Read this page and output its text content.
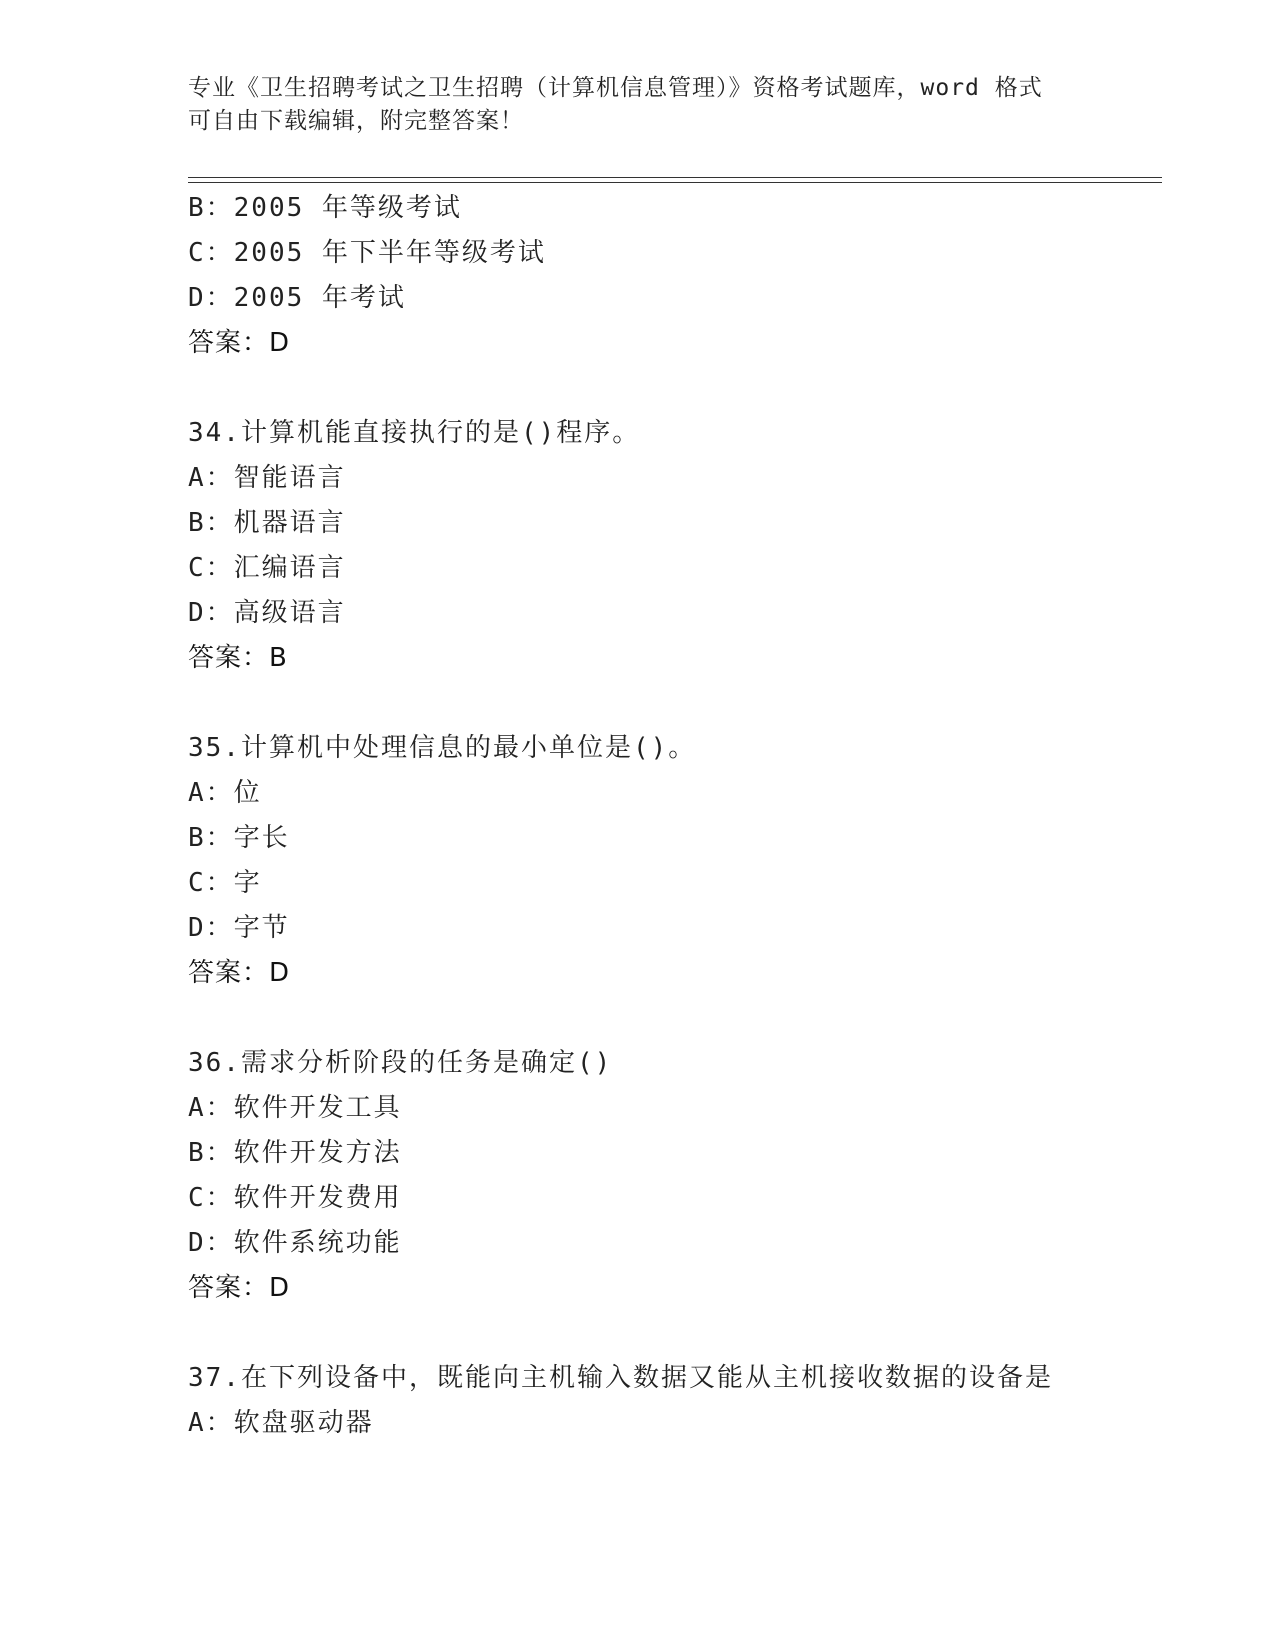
专业《卫生招聘考试之卫生招聘（计算机信息管理）》资格考试题库，word 格式
可自由下载编辑，附完整答案！
B：2005 年等级考试
C：2005 年下半年等级考试
D：2005 年考试
答案：D
34.计算机能直接执行的是()程序。
A：智能语言
B：机器语言
C：汇编语言
D：高级语言
答案：B
35.计算机中处理信息的最小单位是()。
A：位
B：字长
C：字
D：字节
答案：D
36.需求分析阶段的任务是确定()
A：软件开发工具
B：软件开发方法
C：软件开发费用
D：软件系统功能
答案：D
37.在下列设备中，既能向主机输入数据又能从主机接收数据的设备是
A：软盘驱动器
